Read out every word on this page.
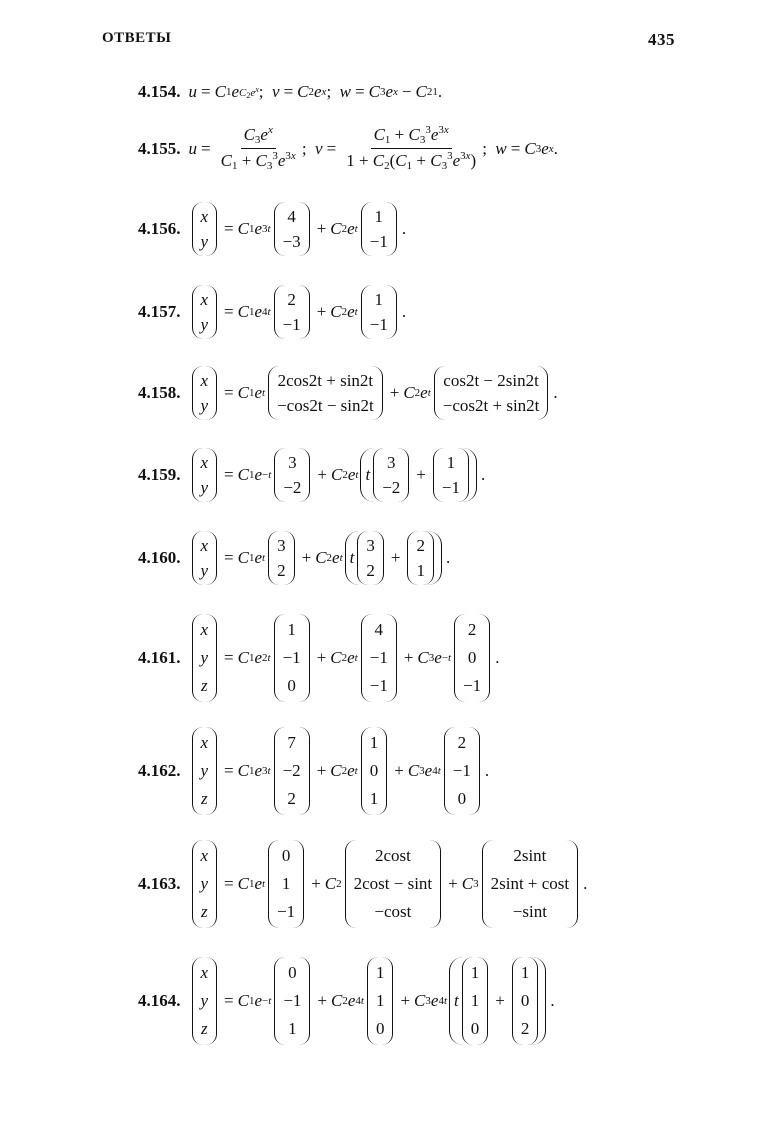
ОТВЕТЫ	435
4.154. u = C 1 e $C_2e^x$ ; v = C 2 e x ; w = C 3 e x − C 21 .
4.155. $u = \frac{C_3e^x}{C_1 + C_3^3e^{3x}}$ ; $v = \frac{C_1 + C_3^3e^{3x}}{1 + C_2(C_1 + C_3^3e^{3x})}$ ; w = C 3 e x .
4.156.
x
y
= C 1 e 3t
4
−3
+ C 2 e t
1
−1
.
4.157.
x
y
= C 1 e 4t
2
−1
+ C 2 e t
1
−1
.
4.158.
x
y
= C 1 e t
2cos2t + sin2t
−cos2t − sin2t
+ C 2 e t
cos2t − 2sin2t
−cos2t + sin2t
.
4.159.
x
y
= C 1 e −t
3
−2
+ C 2 e t t
3
−2
+
1
−1
.
4.160.
x
y
= C 1 e t
3
2
+ C 2 e t t
3
2
+
2
1
.
4.161.
x
y
z
= C 1 e 2t
1
−1
0
+ C 2 e t
4
−1
−1
+ C 3 e −t
2
0
−1
.
4.162.
x
y
z
= C 1 e 3t
7
−2
2
+ C 2 e t
1
0
1
+ C 3 e 4t
2
−1
0
.
4.163.
x
y
z
= C 1 e t
0
1
−1
+ C 2
2cost
2cost − sint
−cost
+ C 3
2sint
2sint + cost
−sint
.
4.164.
x
y
z
= C 1 e −t
0
−1
1
+ C 2 e 4t
1
1
0
+ C 3 e 4t t
1
1
0
+
1
0
2
.
